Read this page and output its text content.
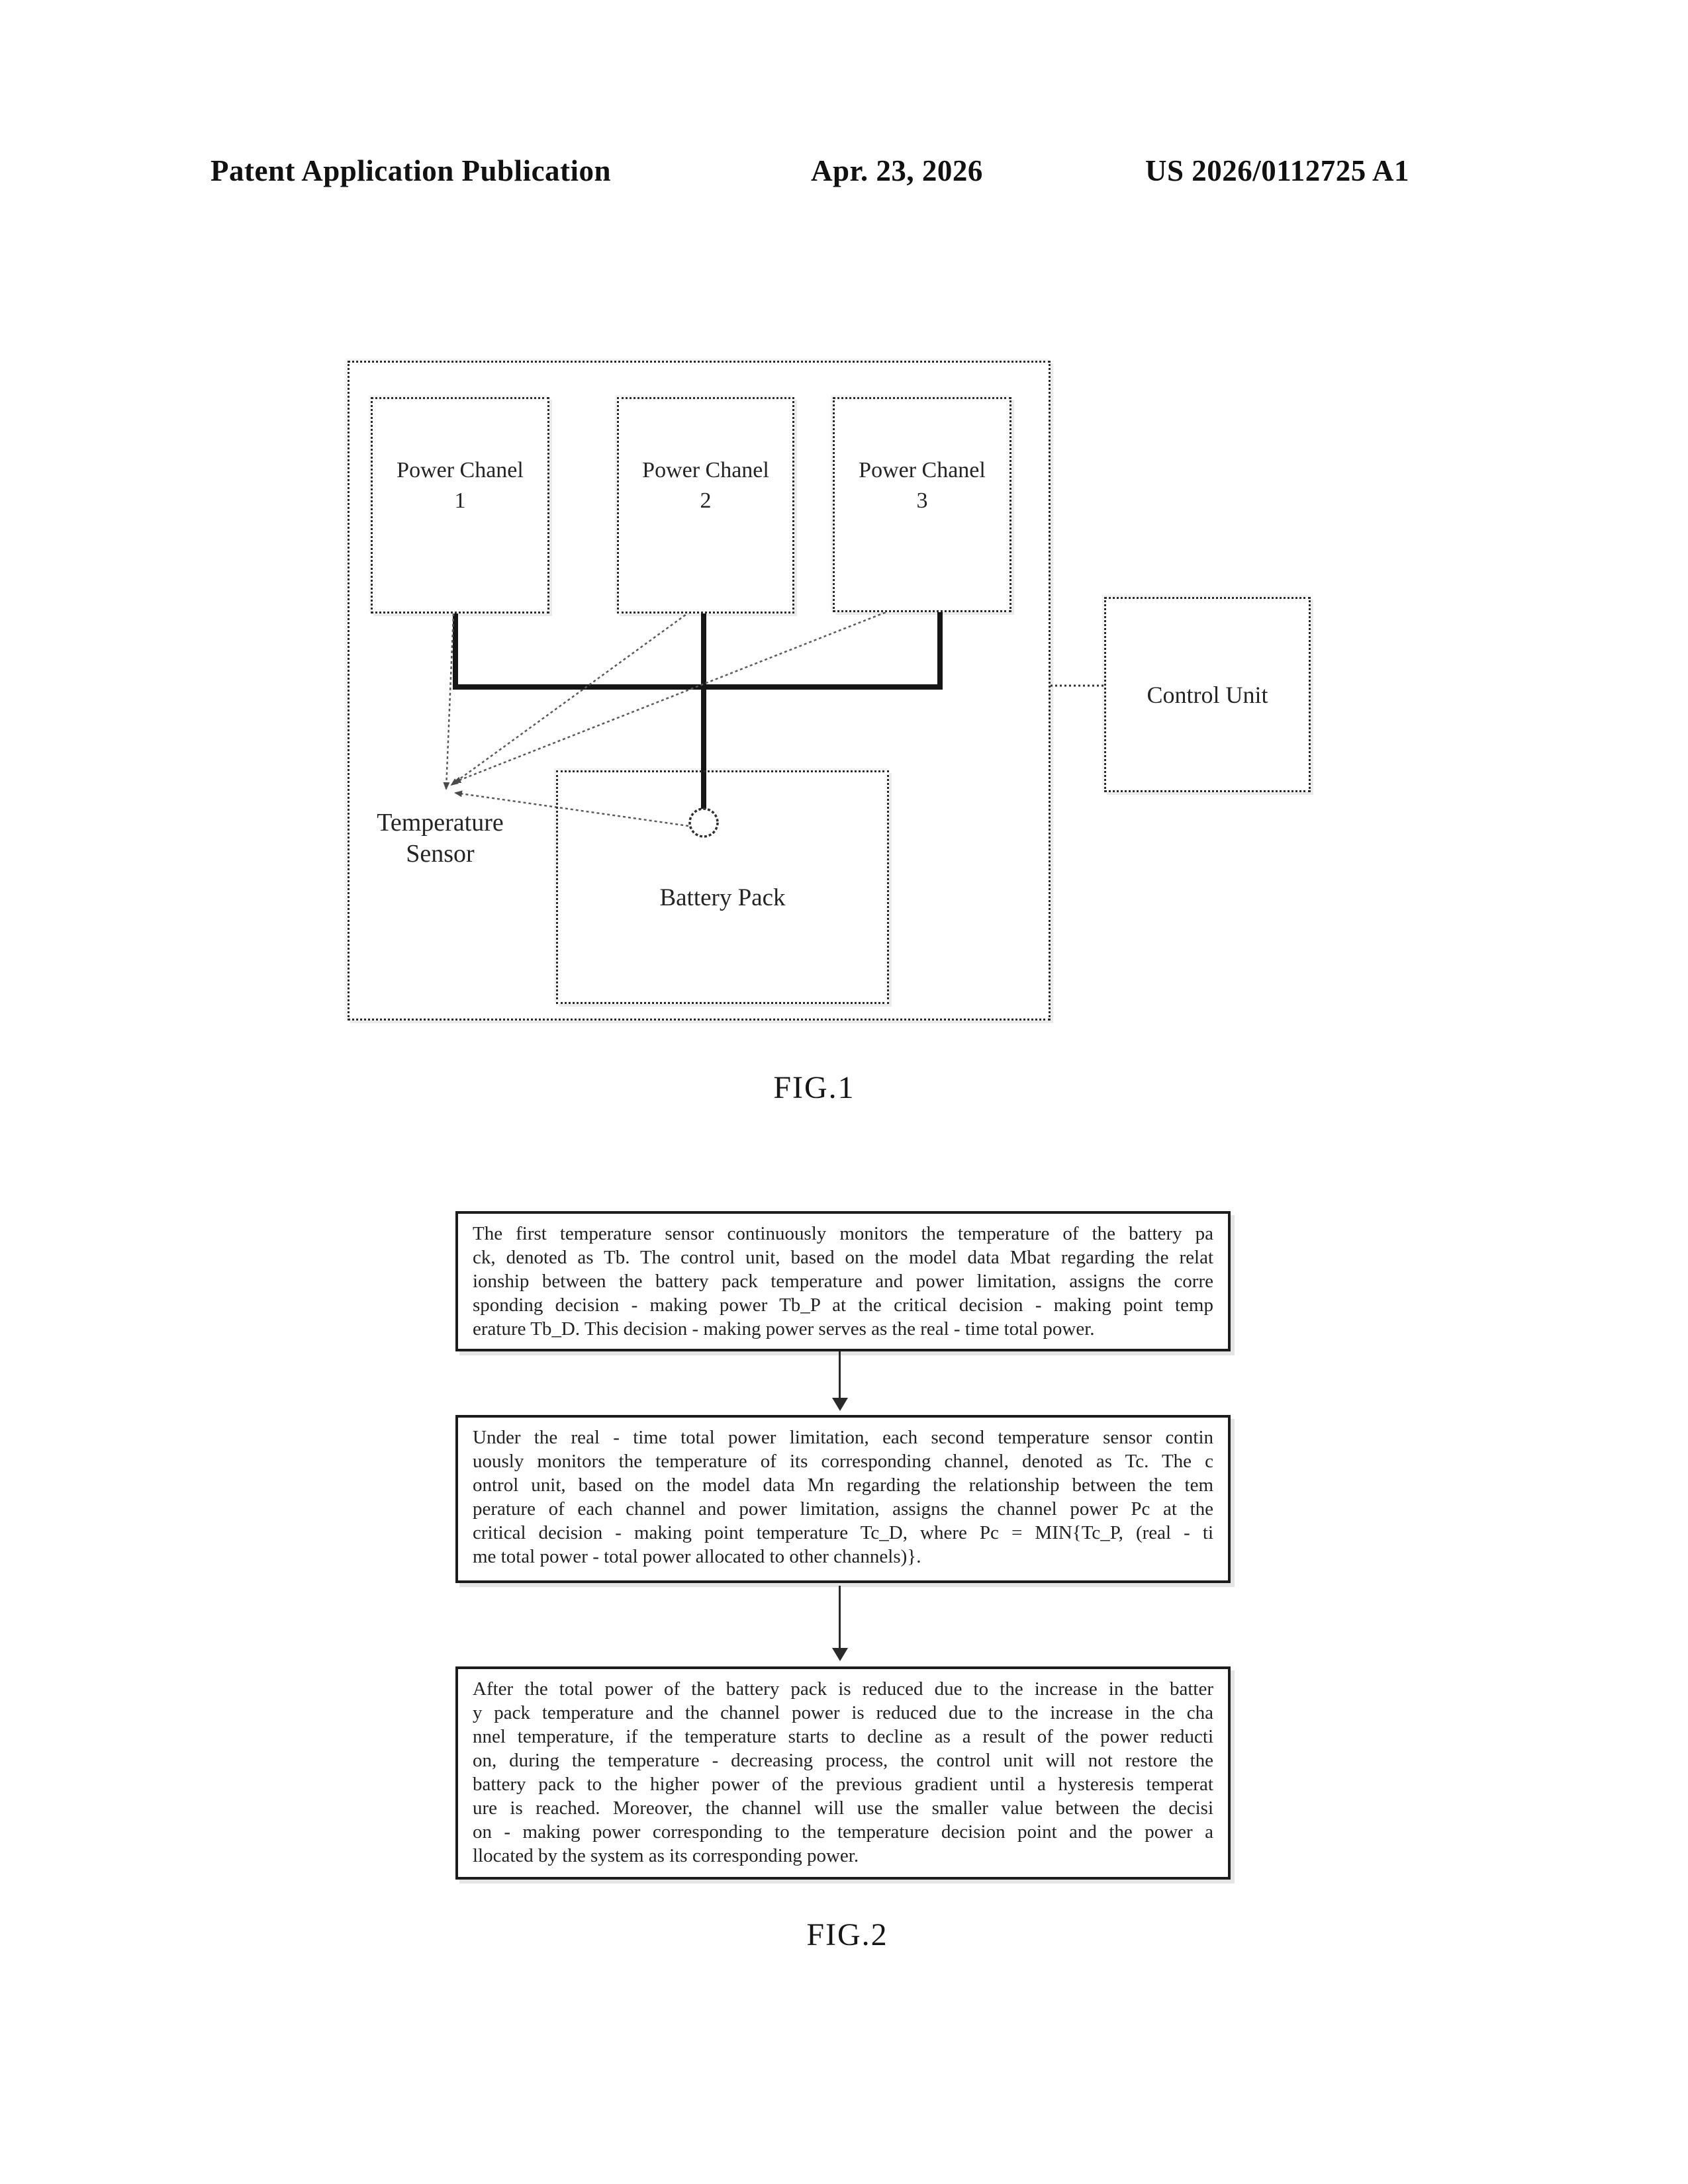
Patent Application Publication	Apr. 23, 2026	US 2026/0112725 A1
Power Chanel
1
Power Chanel
2
Power Chanel
3
Battery Pack
Control Unit
Temperature
Sensor
FIG.1
The first temperature sensor continuously monitors the temperature of the battery pa
ck, denoted as Tb. The control unit, based on the model data Mbat regarding the relat
ionship between the battery pack temperature and power limitation, assigns the corre
sponding decision - making power Tb_P at the critical decision - making point temp
erature Tb_D. This decision - making power serves as the real - time total power.
Under the real - time total power limitation, each second temperature sensor contin
uously monitors the temperature of its corresponding channel, denoted as Tc. The c
ontrol unit, based on the model data Mn regarding the relationship between the tem
perature of each channel and power limitation, assigns the channel power Pc at the
critical decision - making point temperature Tc_D, where Pc = MIN{Tc_P, (real - ti
me total power - total power allocated to other channels)}.
After the total power of the battery pack is reduced due to the increase in the batter
y pack temperature and the channel power is reduced due to the increase in the cha
nnel temperature, if the temperature starts to decline as a result of the power reducti
on, during the temperature - decreasing process, the control unit will not restore the
battery pack to the higher power of the previous gradient until a hysteresis temperat
ure is reached. Moreover, the channel will use the smaller value between the decisi
on - making power corresponding to the temperature decision point and the power a
llocated by the system as its corresponding power.
FIG.2
